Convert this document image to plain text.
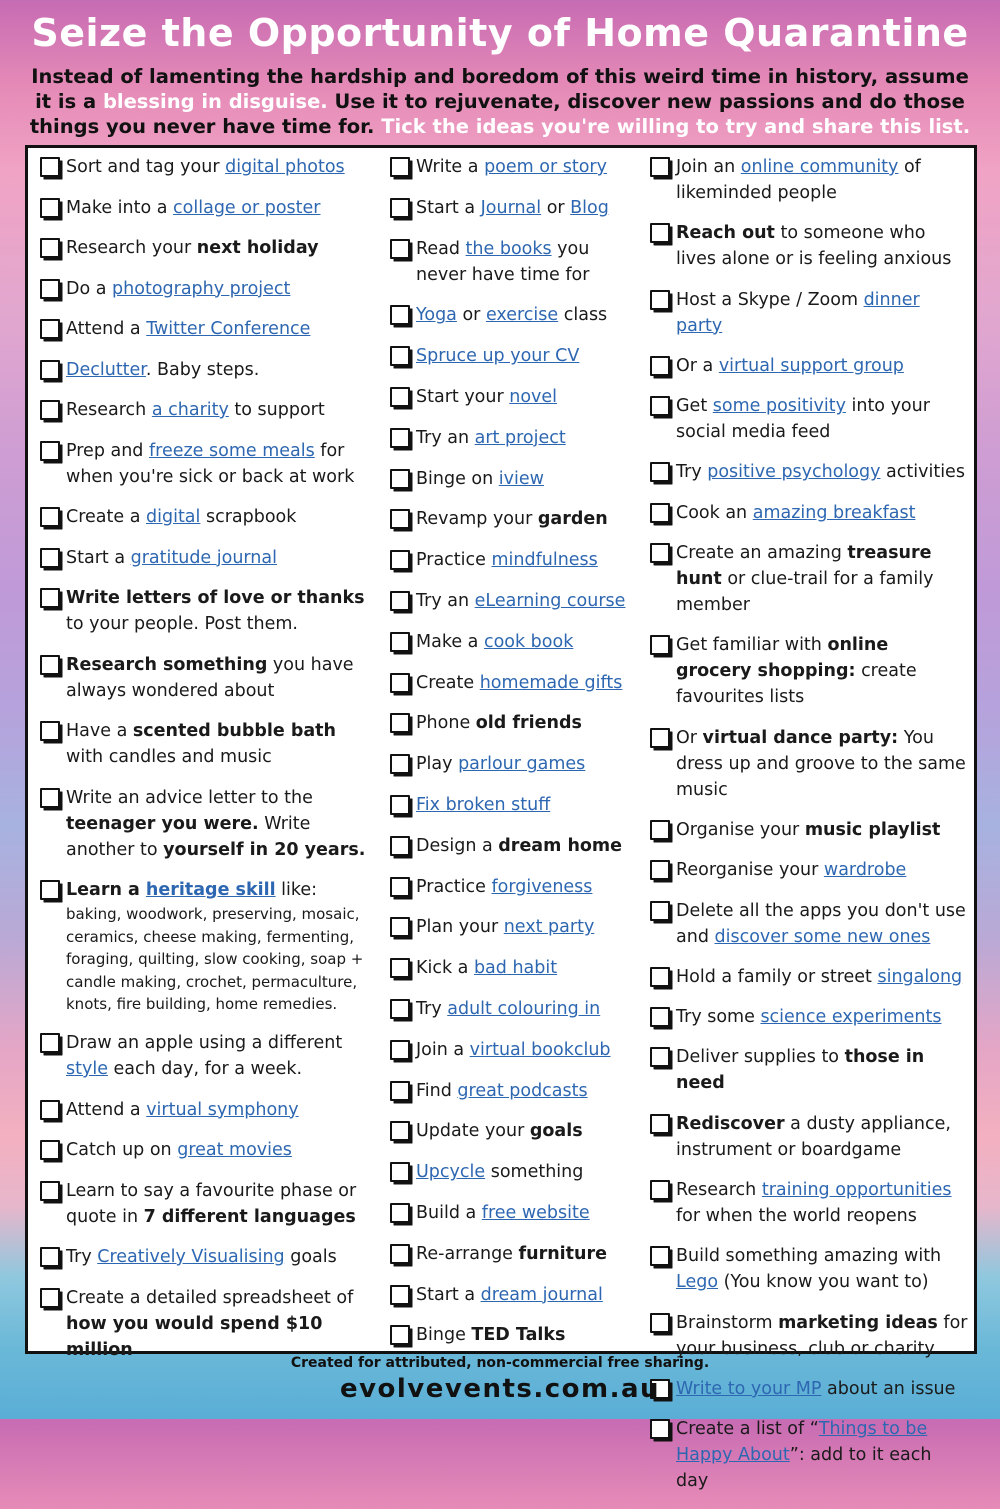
Seize the Opportunity of Home Quarantine
Instead of lamenting the hardship and boredom of this weird time in history, assume it is a blessing in disguise. Use it to rejuvenate, discover new passions and do those things you never have time for. Tick the ideas you're willing to try and share this list.
Sort and tag your digital photos
Make into a collage or poster
Research your next holiday
Do a photography project
Attend a Twitter Conference
Declutter. Baby steps.
Research a charity to support
Prep and freeze some meals for when you're sick or back at work
Create a digital scrapbook
Start a gratitude journal
Write letters of love or thanks to your people. Post them.
Research something you have always wondered about
Have a scented bubble bath with candles and music
Write an advice letter to the teenager you were. Write another to yourself in 20 years.
Learn a heritage skill like:
baking, woodwork, preserving, mosaic, ceramics, cheese making, fermenting, foraging, quilting, slow cooking, soap + candle making, crochet, permaculture, knots, fire building, home remedies.
Draw an apple using a different style each day, for a week.
Attend a virtual symphony
Catch up on great movies
Learn to say a favourite phase or quote in 7 different languages
Try Creatively Visualising goals
Create a detailed spreadsheet of how you would spend $10 million
Write a poem or story
Start a Journal or Blog
Read the books you never have time for
Yoga or exercise class
Spruce up your CV
Start your novel
Try an art project
Binge on iview
Revamp your garden
Practice mindfulness
Try an eLearning course
Make a cook book
Create homemade gifts
Phone old friends
Play parlour games
Fix broken stuff
Design a dream home
Practice forgiveness
Plan your next party
Kick a bad habit
Try adult colouring in
Join a virtual bookclub
Find great podcasts
Update your goals
Upcycle something
Build a free website
Re-arrange furniture
Start a dream journal
Binge TED Talks
Join an online community of likeminded people
Reach out to someone who lives alone or is feeling anxious
Host a Skype / Zoom dinner party
Or a virtual support group
Get some positivity into your social media feed
Try positive psychology activities
Cook an amazing breakfast
Create an amazing treasure hunt or clue-trail for a family member
Get familiar with online grocery shopping: create favourites lists
Or virtual dance party: You dress up and groove to the same music
Organise your music playlist
Reorganise your wardrobe
Delete all the apps you don't use and discover some new ones
Hold a family or street singalong
Try some science experiments
Deliver supplies to those in need
Rediscover a dusty appliance, instrument or boardgame
Research training opportunities for when the world reopens
Build something amazing with Lego (You know you want to)
Brainstorm marketing ideas for your business, club or charity
Write to your MP about an issue
Create a list of “Things to be Happy About”: add to it each day
Created for attributed, non-commercial free sharing.
evolvevents.com.au
